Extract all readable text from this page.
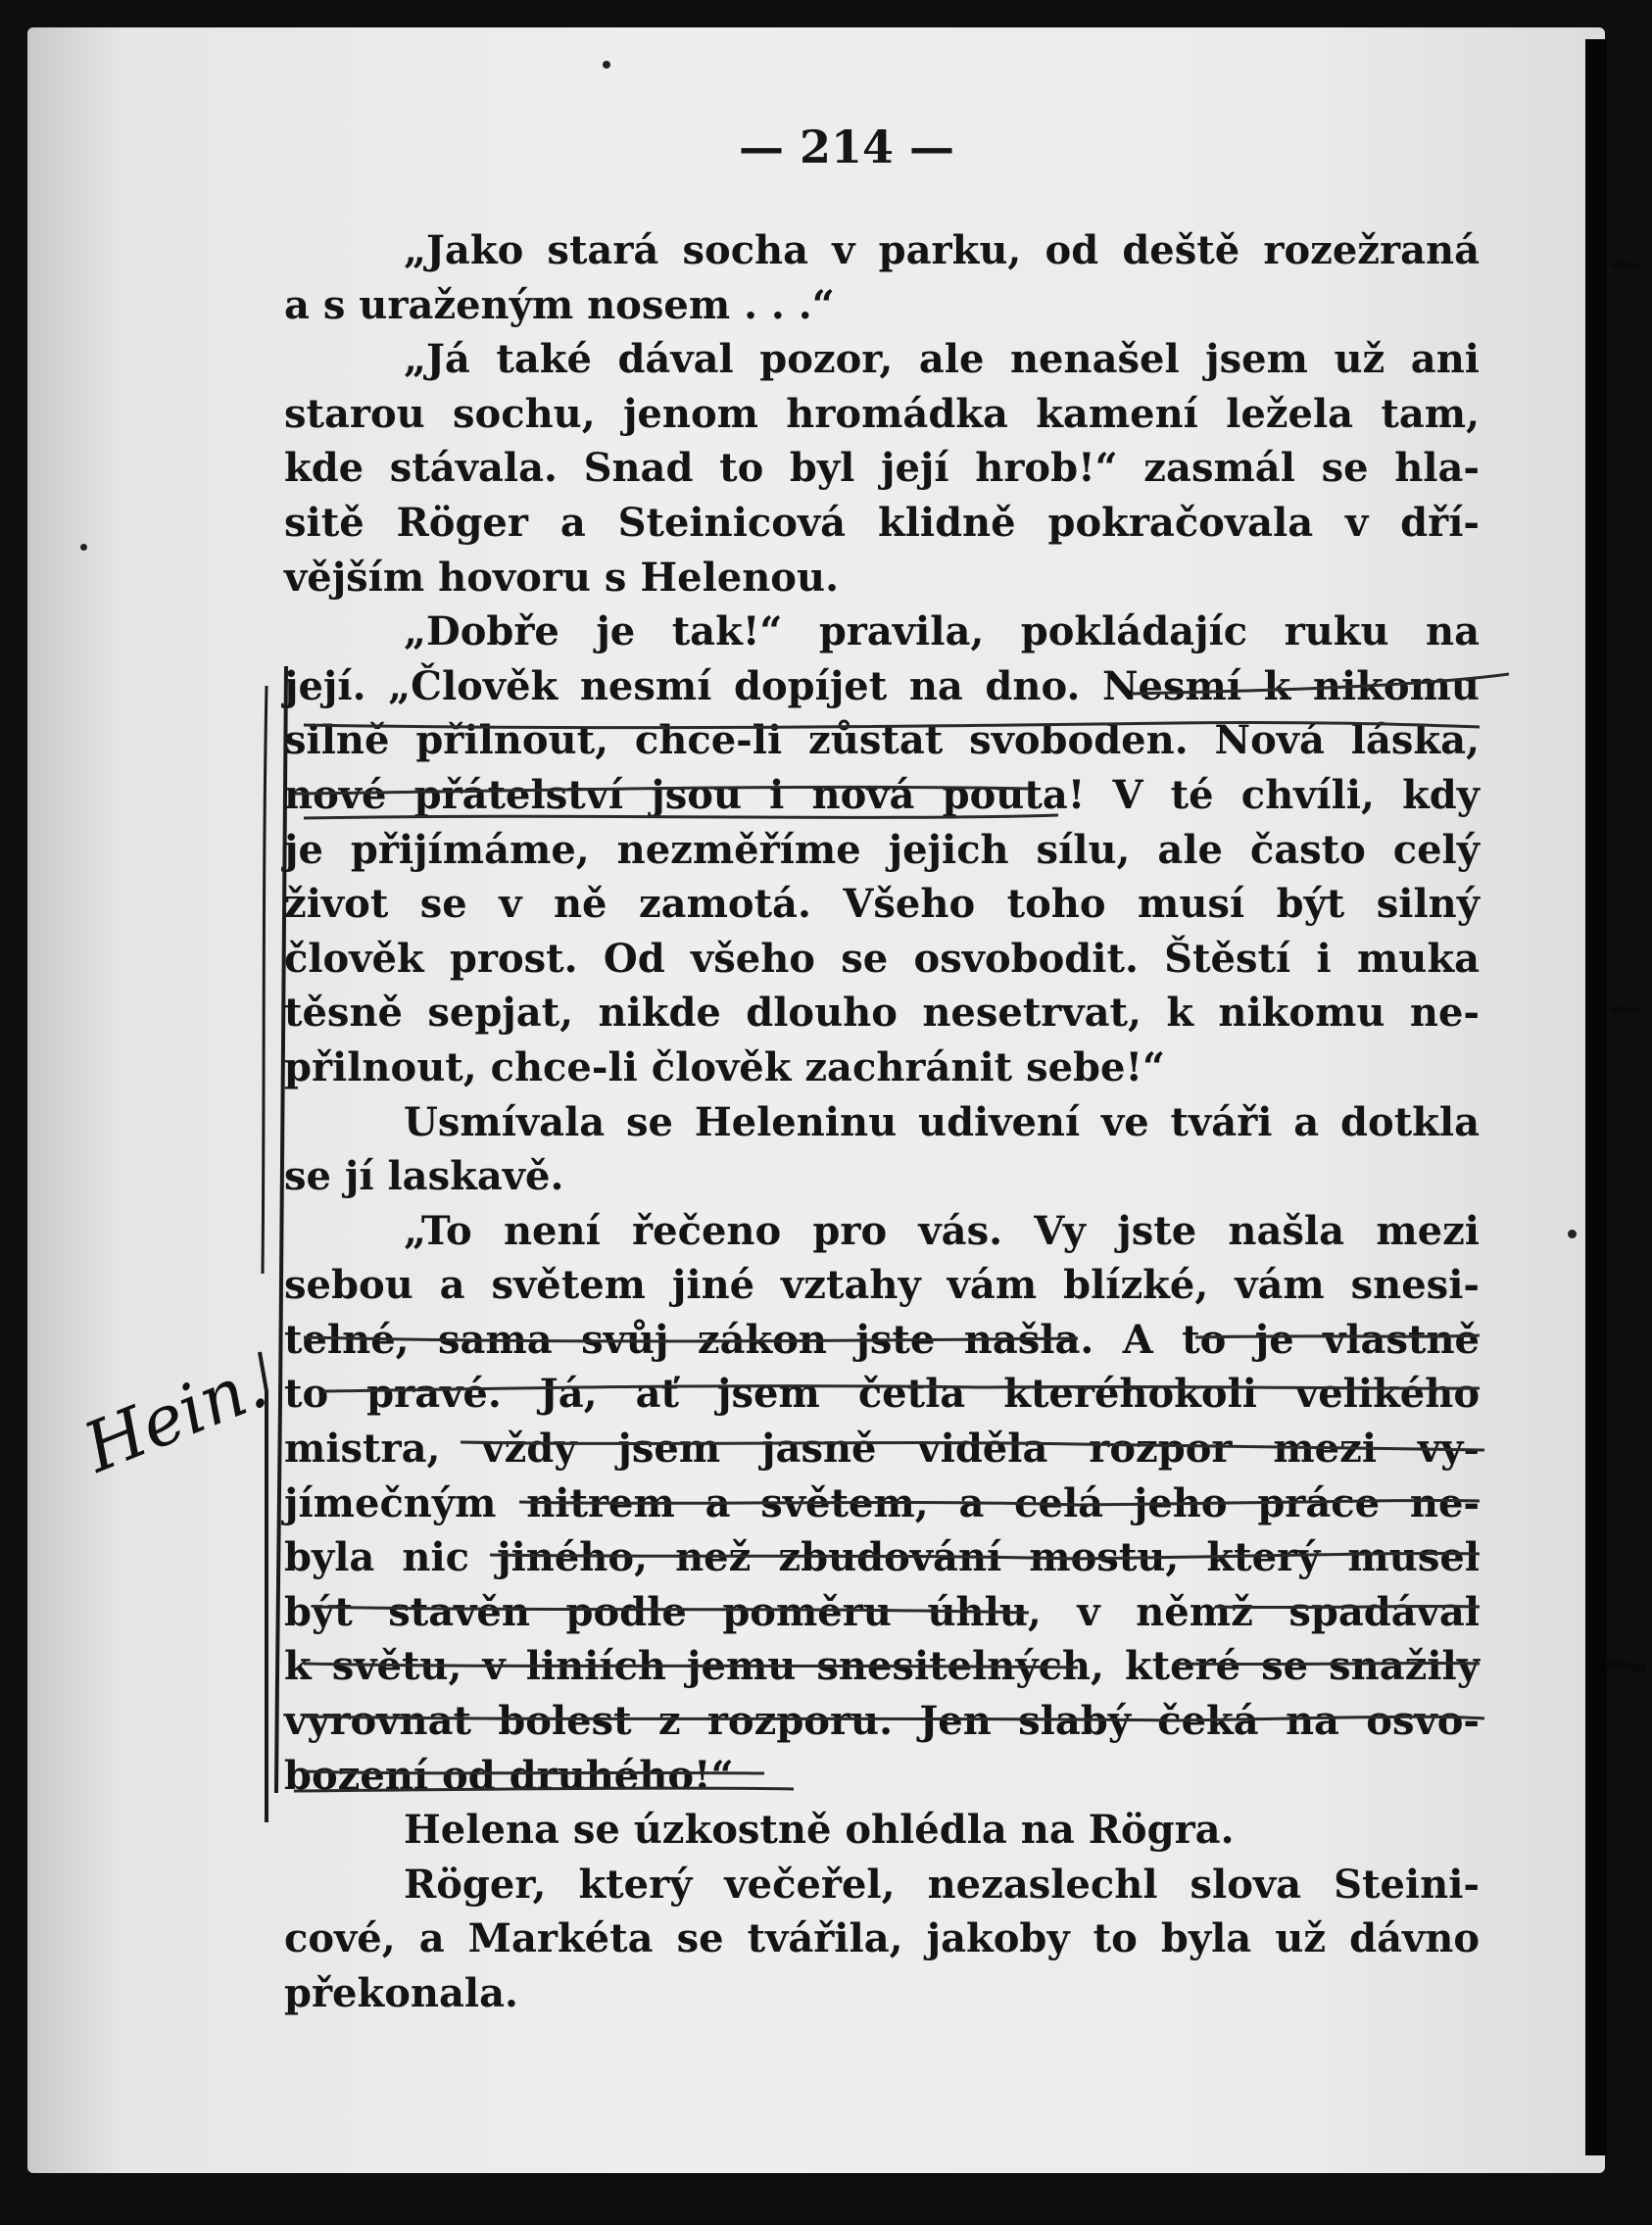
— 214 —
„Jako stará socha v parku, od deště rozežraná
a s uraženým nosem . . .“
„Já také dával pozor, ale nenašel jsem už ani
starou sochu, jenom hromádka kamení ležela tam,
kde stávala. Snad to byl její hrob!“ zasmál se hla-
sitě Röger a Steinicová klidně pokračovala v dří-
vějším hovoru s Helenou.
„Dobře je tak!“ pravila, pokládajíc ruku na
její. „Člověk nesmí dopíjet na dno. Nesmí k nikomu
silně přilnout, chce-li zůstat svoboden. Nová láska,
nové přátelství jsou i nová pouta! V té chvíli, kdy
je přijímáme, nezměříme jejich sílu, ale často celý
život se v ně zamotá. Všeho toho musí být silný
člověk prost. Od všeho se osvobodit. Štěstí i muka
těsně sepjat, nikde dlouho nesetrvat, k nikomu ne-
přilnout, chce-li člověk zachránit sebe!“
Usmívala se Heleninu udivení ve tváři a dotkla
se jí laskavě.
„To není řečeno pro vás. Vy jste našla mezi
sebou a světem jiné vztahy vám blízké, vám snesi-
telné, sama svůj zákon jste našla. A to je vlastně
to pravé. Já, ať jsem četla kteréhokoli velikého
mistra, vždy jsem jasně viděla rozpor mezi vy-
jímečným nitrem a světem, a celá jeho práce ne-
byla nic jiného, než zbudování mostu, který musel
být stavěn podle poměru úhlu, v němž spadával
k světu, v liniích jemu snesitelných, které se snažily
vyrovnat bolest z rozporu. Jen slabý čeká na osvo-
bození od druhého!“
Helena se úzkostně ohlédla na Rögra.
Röger, který večeřel, nezaslechl slova Steini-
cové, a Markéta se tvářila, jakoby to byla už dávno
překonala.
Hein.
